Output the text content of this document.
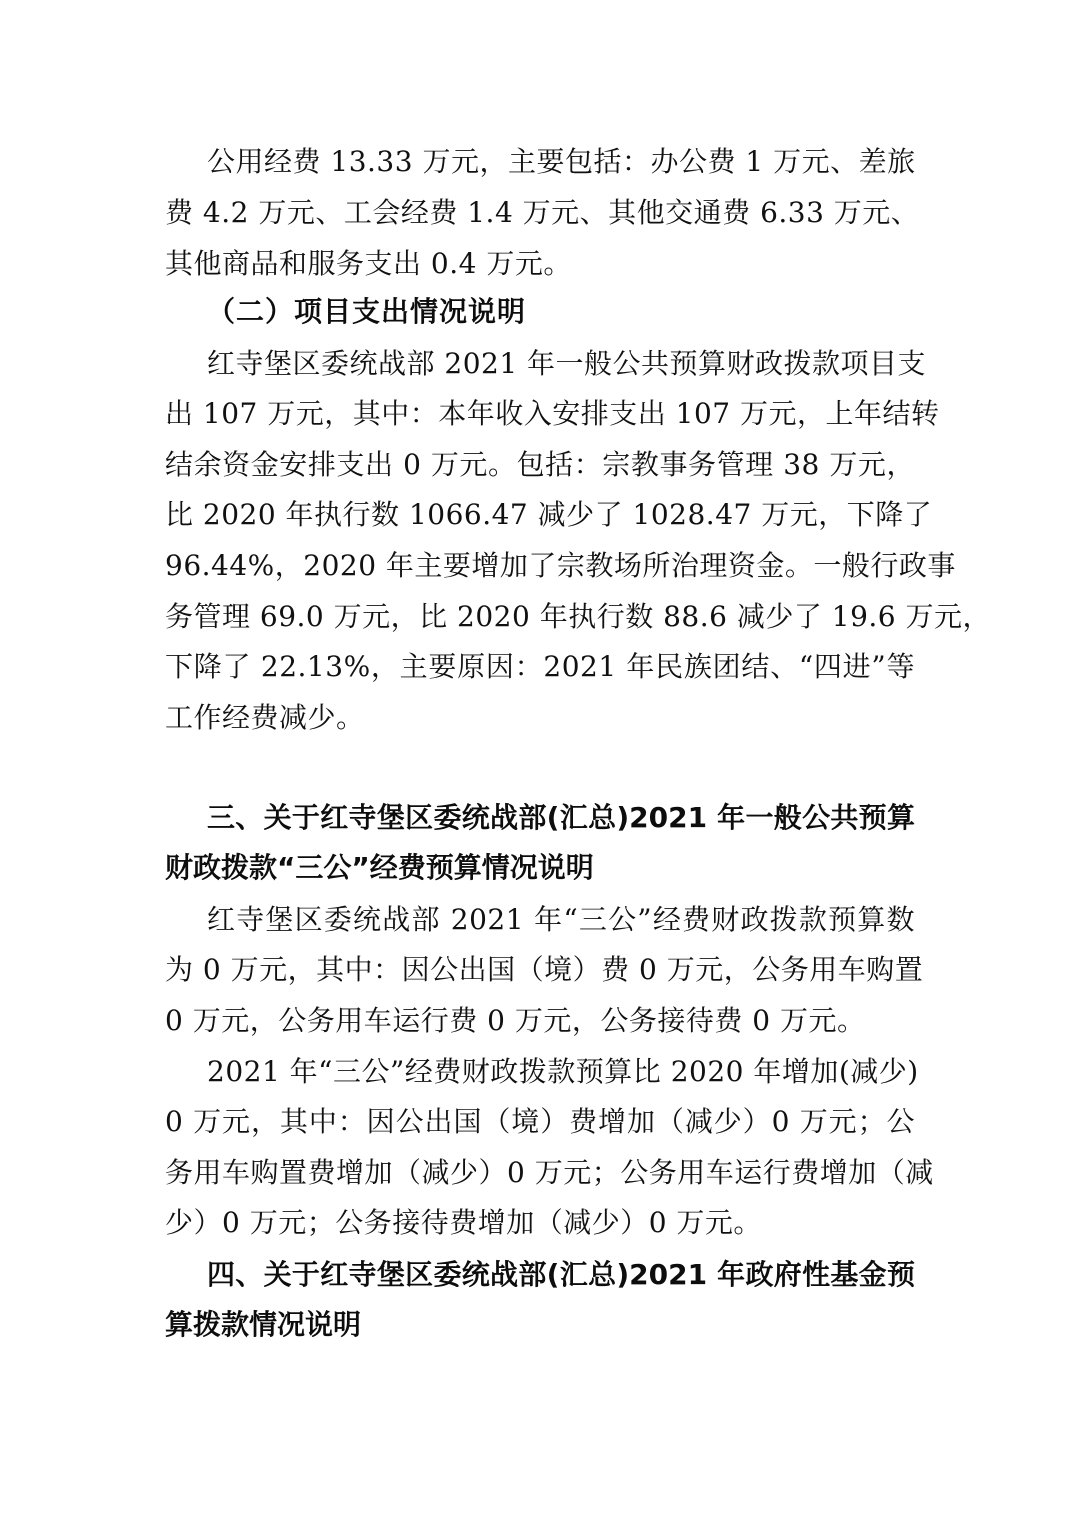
公用经费 13.33 万元，主要包括：办公费 1 万元、差旅
费 4.2 万元、工会经费 1.4 万元、其他交通费 6.33 万元、
其他商品和服务支出 0.4 万元。
（二）项目支出情况说明
红寺堡区委统战部 2021 年一般公共预算财政拨款项目支
出 107 万元，其中：本年收入安排支出 107 万元，上年结转
结余资金安排支出 0 万元。包括：宗教事务管理 38 万元，
比 2020 年执行数 1066.47 减少了 1028.47 万元，下降了
96.44%，2020 年主要增加了宗教场所治理资金。一般行政事
务管理 69.0 万元，比 2020 年执行数 88.6 减少了 19.6 万元，
下降了 22.13%，主要原因：2021 年民族团结、“四进”等
工作经费减少。
三、关于红寺堡区委统战部(汇总)2021 年一般公共预算
财政拨款“三公”经费预算情况说明
红寺堡区委统战部 2021 年“三公”经费财政拨款预算数
为 0 万元，其中：因公出国（境）费 0 万元，公务用车购置
0 万元，公务用车运行费 0 万元，公务接待费 0 万元。
2021 年“三公”经费财政拨款预算比 2020 年增加(减少)
0 万元，其中：因公出国（境）费增加（减少）0 万元；公
务用车购置费增加（减少）0 万元；公务用车运行费增加（减
少）0 万元；公务接待费增加（减少）0 万元。
四、关于红寺堡区委统战部(汇总)2021 年政府性基金预
算拨款情况说明
